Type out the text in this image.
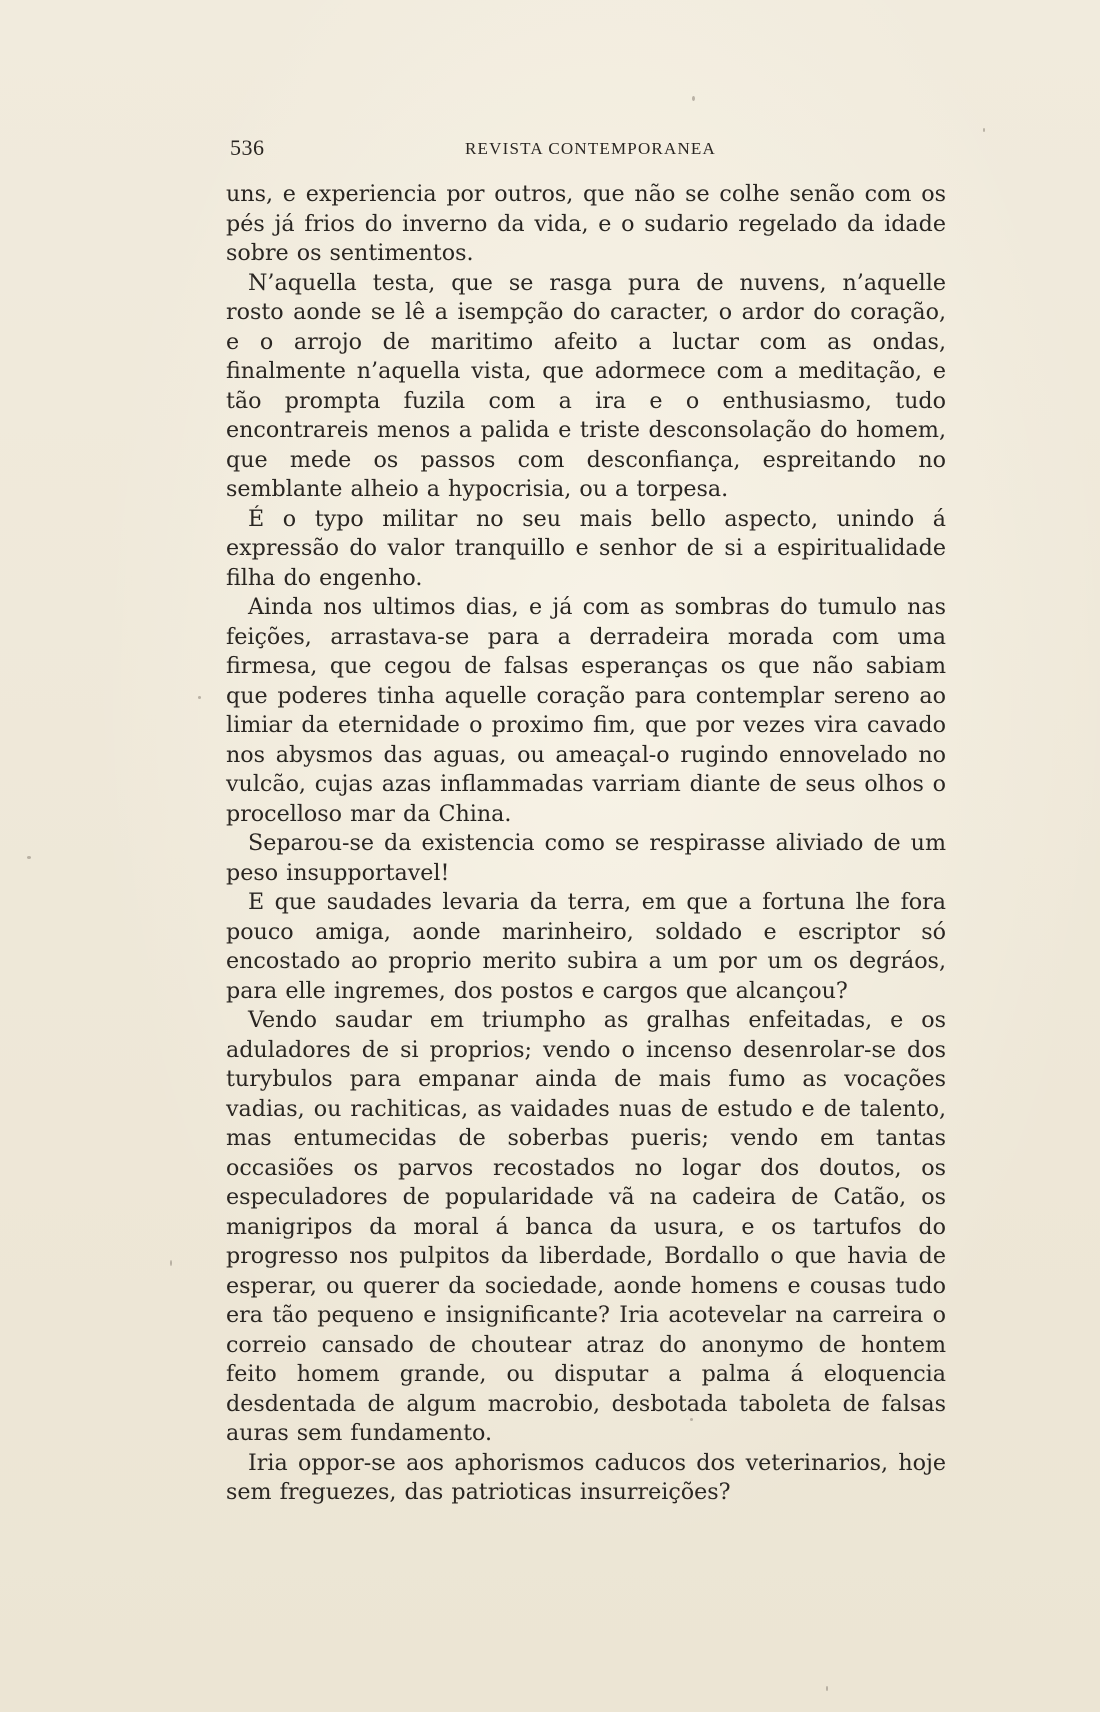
536	REVISTA CONTEMPORANEA

uns, e experiencia por outros, que não se colhe senão com os pés já frios do inverno da vida, e o sudario regelado da idade sobre os sentimentos.

N’aquella testa, que se rasga pura de nuvens, n’aquelle rosto aonde se lê a isempção do caracter, o ardor do coração, e o arrojo de maritimo afeito a luctar com as ondas, finalmente n’aquella vista, que adormece com a meditação, e tão prompta fuzila com a ira e o enthusiasmo, tudo encontrareis menos a palida e triste desconsolação do homem, que mede os passos com desconfiança, espreitando no semblante alheio a hypocrisia, ou a torpesa.

É o typo militar no seu mais bello aspecto, unindo á expressão do valor tranquillo e senhor de si a espiritualidade filha do engenho.

Ainda nos ultimos dias, e já com as sombras do tumulo nas feições, arrastava-se para a derradeira morada com uma firmesa, que cegou de falsas esperanças os que não sabiam que poderes tinha aquelle coração para contemplar sereno ao limiar da eternidade o proximo fim, que por vezes vira cavado nos abysmos das aguas, ou ameaçal-o rugindo ennovelado no vulcão, cujas azas inflammadas varriam diante de seus olhos o procelloso mar da China.

Separou-se da existencia como se respirasse aliviado de um peso insupportavel!

E que saudades levaria da terra, em que a fortuna lhe fora pouco amiga, aonde marinheiro, soldado e escriptor só encostado ao proprio merito subira a um por um os degráos, para elle ingremes, dos postos e cargos que alcançou?

Vendo saudar em triumpho as gralhas enfeitadas, e os aduladores de si proprios; vendo o incenso desenrolar-se dos turybulos para empanar ainda de mais fumo as vocações vadias, ou rachiticas, as vaidades nuas de estudo e de talento, mas entumecidas de soberbas pueris; vendo em tantas occasiões os parvos recostados no logar dos doutos, os especuladores de popularidade vã na cadeira de Catão, os manigripos da moral á banca da usura, e os tartufos do progresso nos pulpitos da liberdade, Bordallo o que havia de esperar, ou querer da sociedade, aonde homens e cousas tudo era tão pequeno e insignificante? Iria acotevelar na carreira o correio cansado de choutear atraz do anonymo de hontem feito homem grande, ou disputar a palma á eloquencia desdentada de algum macrobio, desbotada taboleta de falsas auras sem fundamento.

Iria oppor-se aos aphorismos caducos dos veterinarios, hoje sem freguezes, das patrioticas insurreições?
